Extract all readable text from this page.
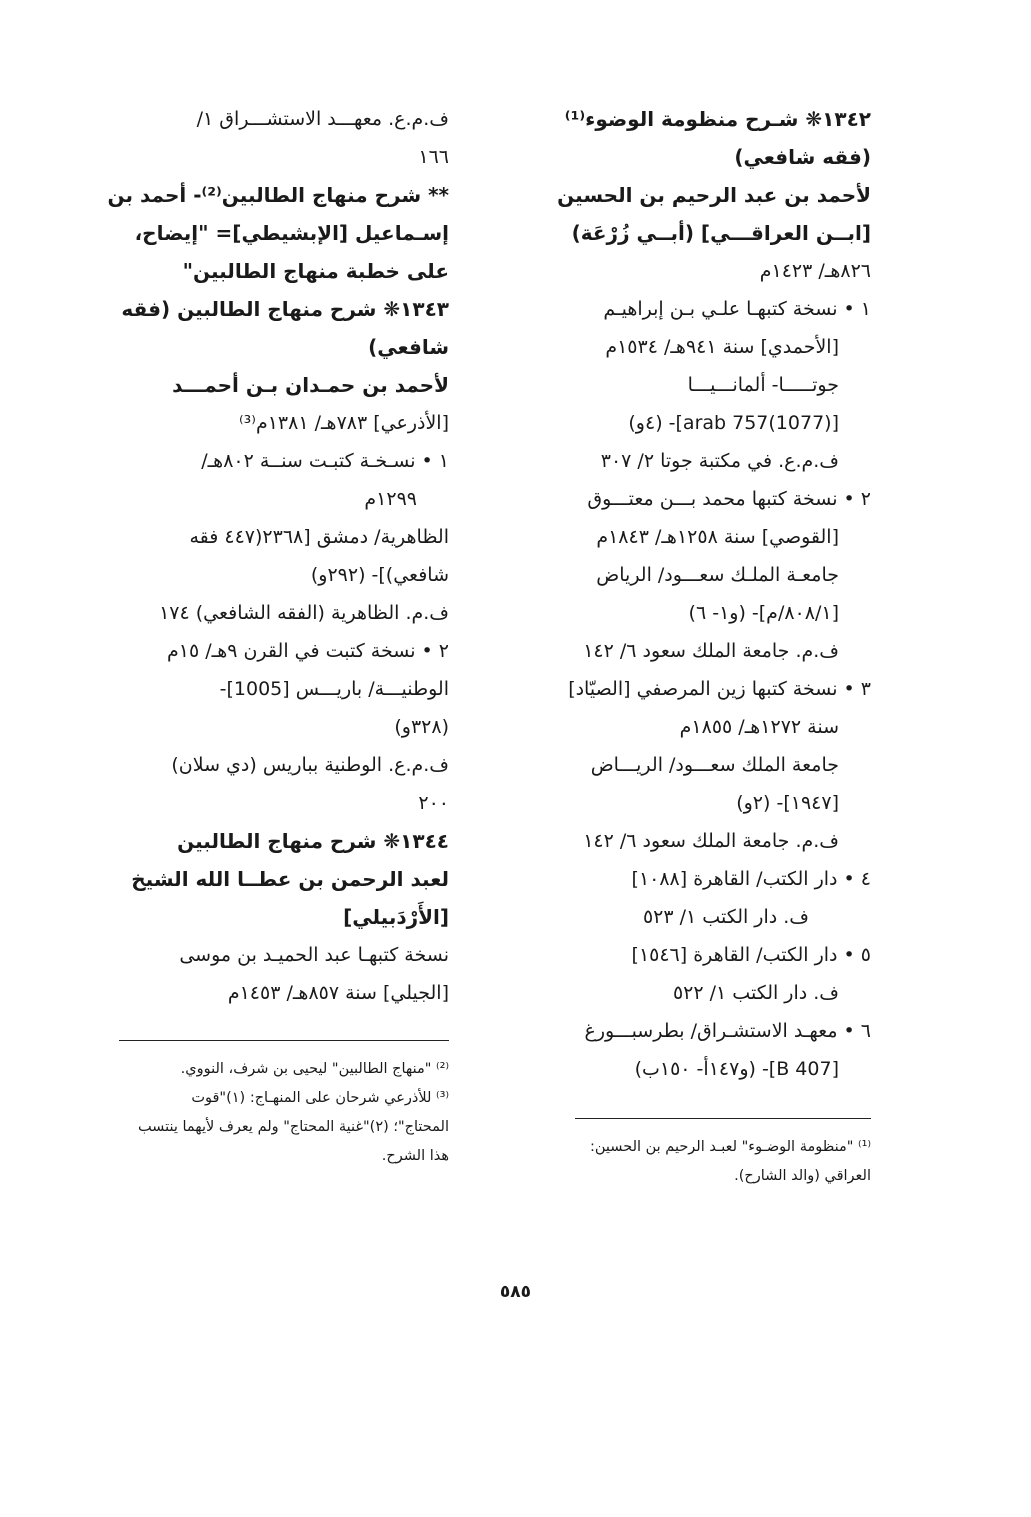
١٣٤٢❋ شـرح منظومة الوضوء⁽¹⁾
(فقه شافعي)
لأحمد بن عبد الرحيم بن الحسين
[ابــن العراقـــي] (أبــي زُرْعَة)
٨٢٦هـ/ ١٤٢٣م
١ • نسخة كتبهـا علـي بـن إبراهيـم
[الأحمدي] سنة ٩٤١هـ/ ١٥٣٤م
جوتـــــا- ألمانـــيـــا
[arab 757(1077)]- (٤و)
ف.م.ع. في مكتبة جوتا ٢/ ٣٠٧
٢ • نسخة كتبها محمد بـــن معتـــوق
[القوصي] سنة ١٢٥٨هـ/ ١٨٤٣م
جامعـة الملـك سعـــود/ الرياض
[٨٠٨/١/م]- (و١- ٦)
ف.م. جامعة الملك سعود ٦/ ١٤٢
٣ • نسخة كتبها زين المرصفي [الصيّاد]
سنة ١٢٧٢هـ/ ١٨٥٥م
جامعة الملك سعـــود/ الريـــاض
[١٩٤٧]- (٢و)
ف.م. جامعة الملك سعود ٦/ ١٤٢
٤ • دار الكتب/ القاهرة [١٠٨٨]
ف. دار الكتب ١/ ٥٢٣
٥ • دار الكتب/ القاهرة [١٥٤٦]
ف. دار الكتب ١/ ٥٢٢
٦ • معهـد الاستشـراق/ بطرسبـــورغ
[B 407]- (و١٤٧أ- ١٥٠ب)
⁽¹⁾ "منظومة الوضـوء" لعبـد الرحيم بن الحسين:
العراقي (والد الشارح).
ف.م.ع. معهـــد الاستشـــراق ١/
١٦٦
** شرح منهاج الطالبين⁽²⁾- أحمد بن
إسـماعيل [الإبشيطي]= "إيضاح،
على خطبة منهاج الطالبين"
١٣٤٣❋ شرح منهاج الطالبين (فقه
شافعي)
لأحمد بن حمـدان بـن أحمـــد
[الأذرعي] ٧٨٣هـ/ ١٣٨١م⁽³⁾
١ • نسـخـة كتبـت سنــة ٨٠٢هـ/
١٢٩٩م
الظاهرية/ دمشق [٢٣٦٨(٤٤٧ فقه
شافعي)]- (٢٩٢و)
ف.م. الظاهرية (الفقه الشافعي) ١٧٤
٢ • نسخة كتبت في القرن ٩هـ/ ١٥م
الوطنيـــة/ باريـــس [1005]-
(٣٢٨و)
ف.م.ع. الوطنية بباريس (دي سلان)
٢٠٠
١٣٤٤❋ شرح منهاج الطالبين
لعبد الرحمن بن عطــا الله الشيخ
[الأَرْدَبيلي]
نسخة كتبهـا عبد الحميـد بن موسى
[الجيلي] سنة ٨٥٧هـ/ ١٤٥٣م
⁽²⁾ "منهاج الطالبين" ليحيى بن شرف، النووي.
⁽³⁾ للأذرعي شرحان على المنهـاج: (١)"قوت
المحتاج"؛ (٢)"غنية المحتاج" ولم يعرف لأيهما ينتسب
هذا الشرح.
٥٨٥
